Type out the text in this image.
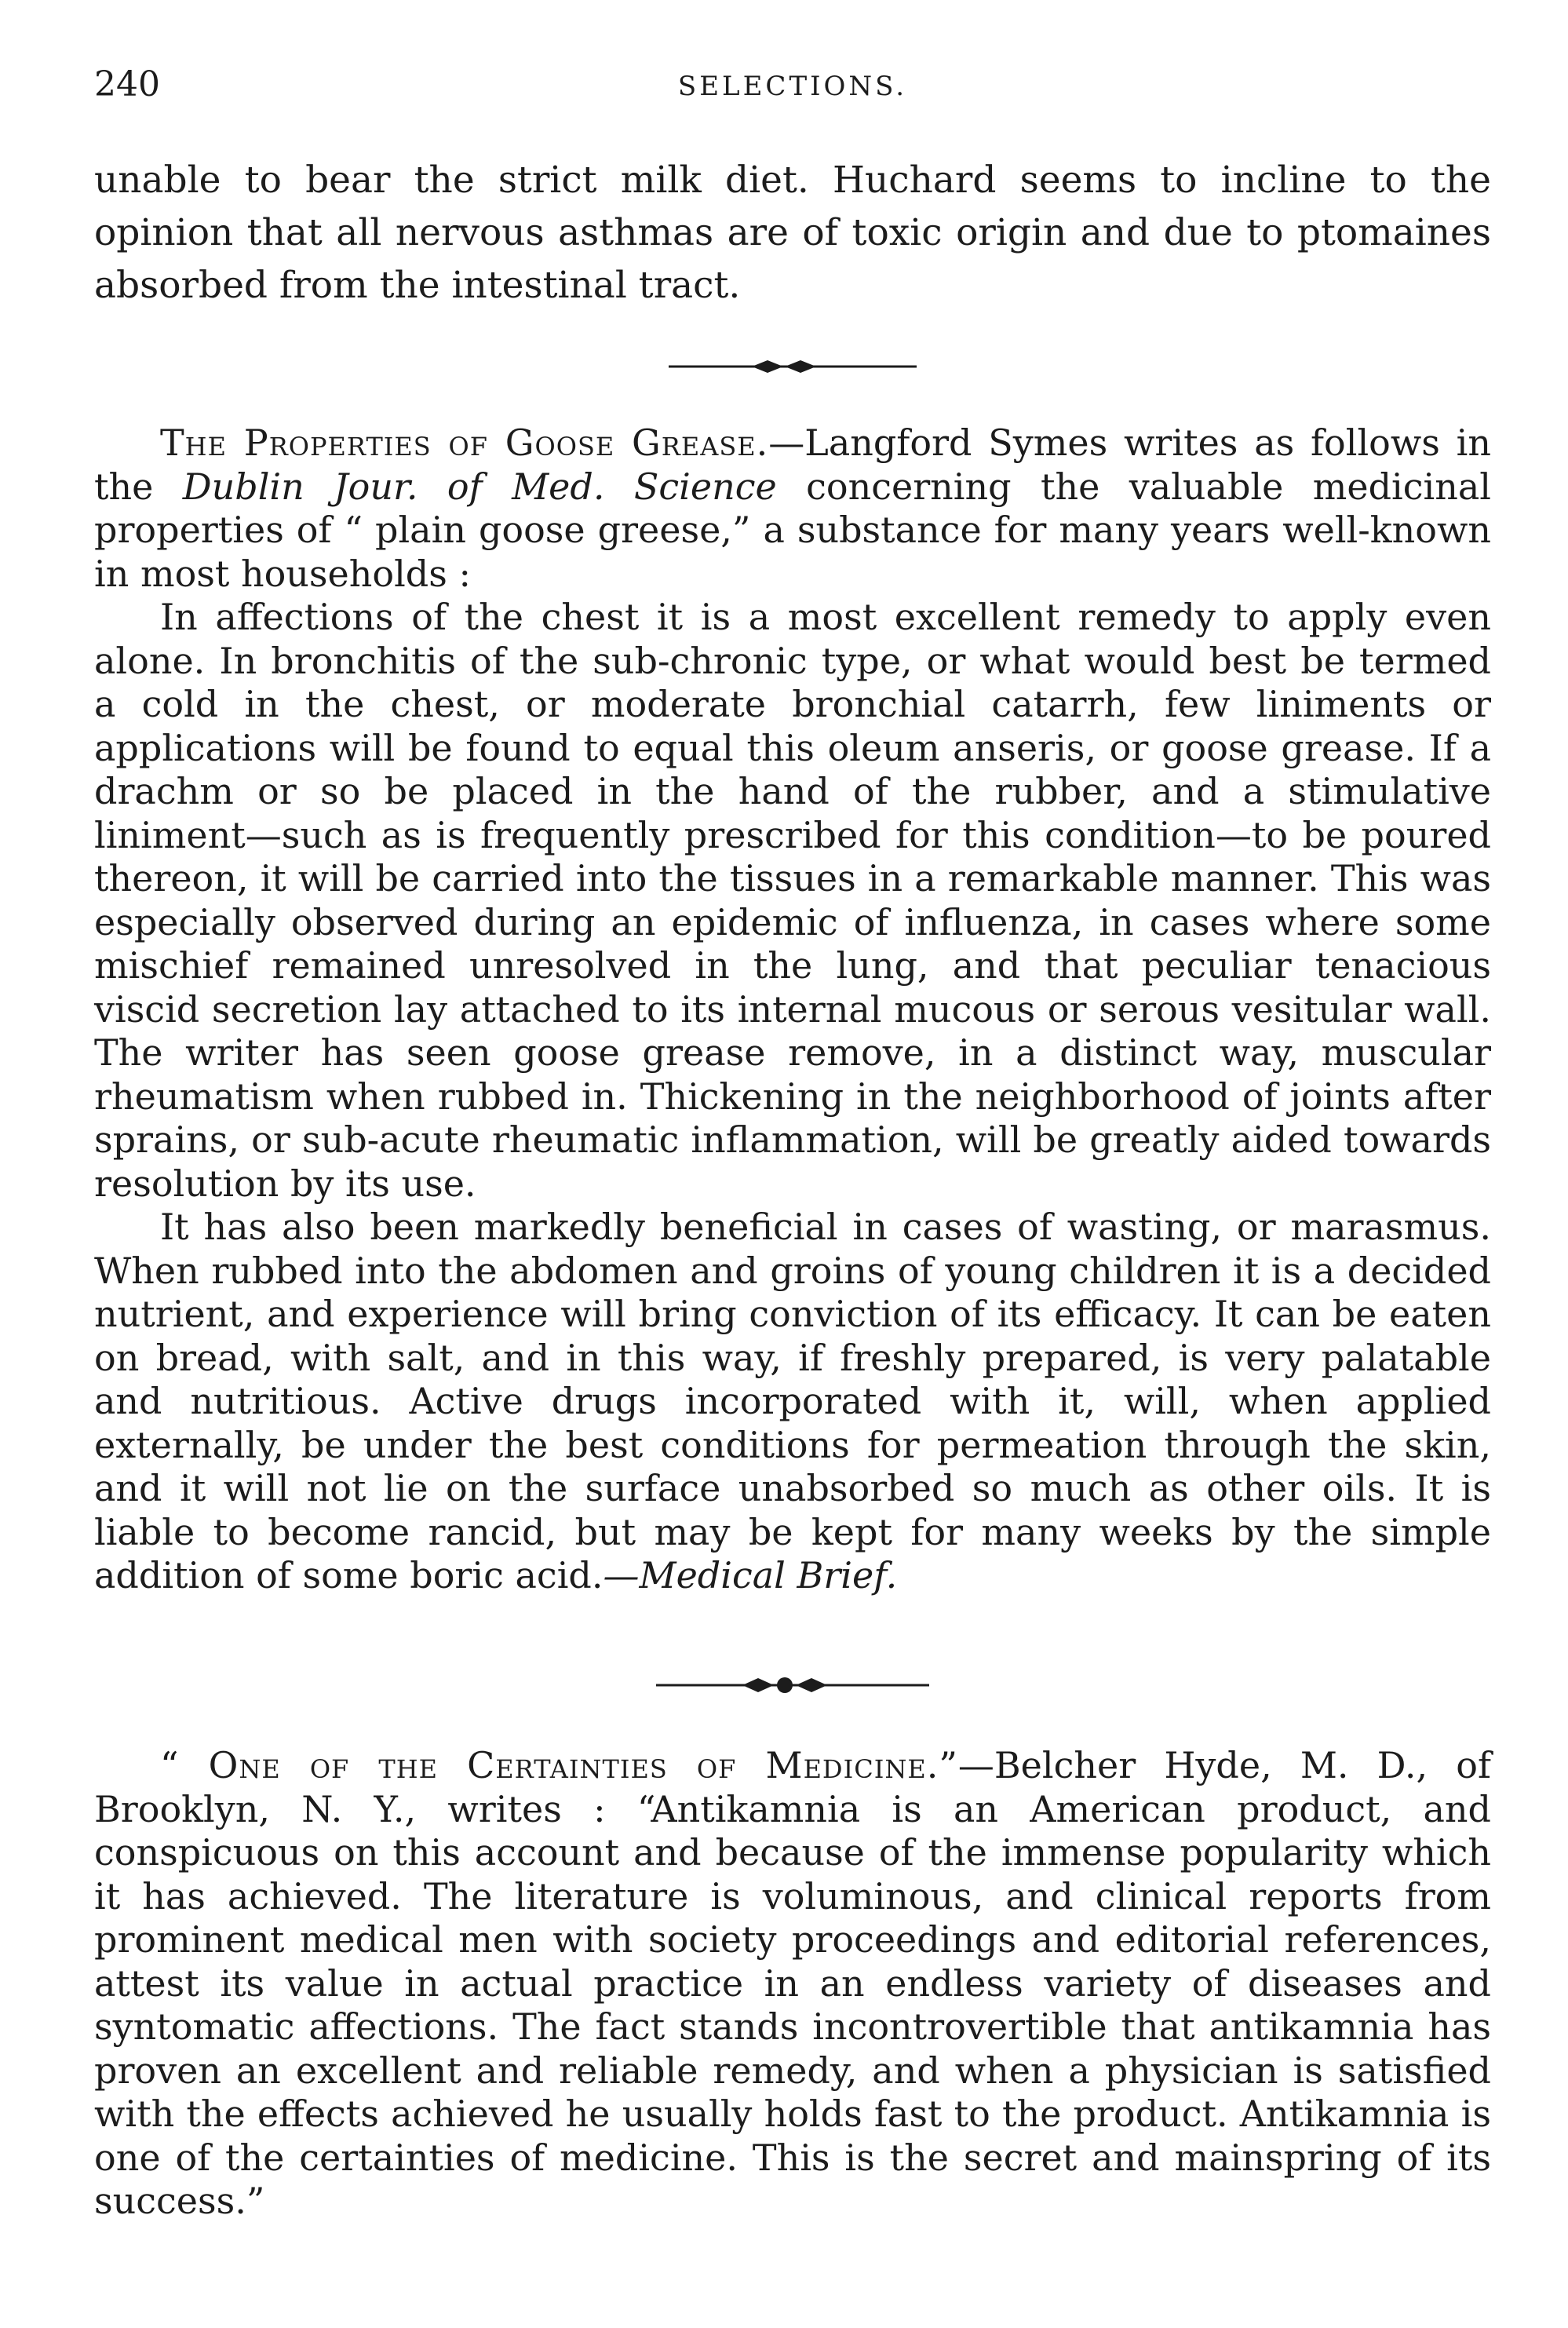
240	SELECTIONS.

unable to bear the strict milk diet. Huchard seems to incline to the opinion that all nervous asthmas are of toxic origin and due to ptomaines absorbed from the intestinal tract.

The Properties of Goose Grease.—Langford Symes writes as follows in the Dublin Jour. of Med. Science concerning the valuable medicinal properties of “ plain goose greese,” a substance for many years well-known in most households :

In affections of the chest it is a most excellent remedy to apply even alone. In bronchitis of the sub-chronic type, or what would best be termed a cold in the chest, or moderate bronchial catarrh, few liniments or applications will be found to equal this oleum anseris, or goose grease. If a drachm or so be placed in the hand of the rubber, and a stimulative liniment—such as is frequently prescribed for this condition—to be poured thereon, it will be carried into the tissues in a remarkable manner. This was especially observed during an epidemic of influenza, in cases where some mischief remained unresolved in the lung, and that peculiar tenacious viscid secretion lay attached to its internal mucous or serous vesitular wall. The writer has seen goose grease remove, in a distinct way, muscular rheumatism when rubbed in. Thickening in the neighborhood of joints after sprains, or sub-acute rheumatic inflammation, will be greatly aided towards resolution by its use.

It has also been markedly beneficial in cases of wasting, or marasmus. When rubbed into the abdomen and groins of young children it is a decided nutrient, and experience will bring conviction of its efficacy. It can be eaten on bread, with salt, and in this way, if freshly prepared, is very palatable and nutritious. Active drugs incorporated with it, will, when applied externally, be under the best conditions for permeation through the skin, and it will not lie on the surface unabsorbed so much as other oils. It is liable to become rancid, but may be kept for many weeks by the simple addition of some boric acid.—Medical Brief.

“ One of the Certainties of Medicine.”—Belcher Hyde, M. D., of Brooklyn, N. Y., writes : “Antikamnia is an American product, and conspicuous on this account and because of the immense popularity which it has achieved. The literature is voluminous, and clinical reports from prominent medical men with society proceedings and editorial references, attest its value in actual practice in an endless variety of diseases and syntomatic affections. The fact stands incontrovertible that antikamnia has proven an excellent and reliable remedy, and when a physician is satisfied with the effects achieved he usually holds fast to the product. Antikamnia is one of the certainties of medicine. This is the secret and mainspring of its success.”
